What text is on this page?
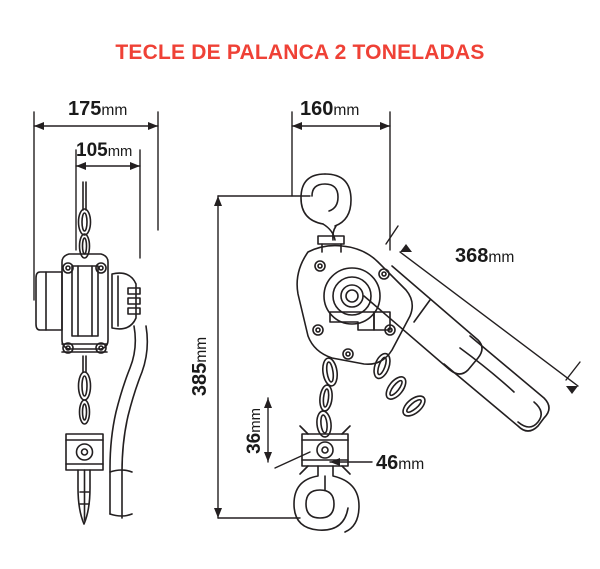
TECLE DE PALANCA 2 TONELADAS
175mm
105mm
160mm
368mm
385mm
36mm
46mm
